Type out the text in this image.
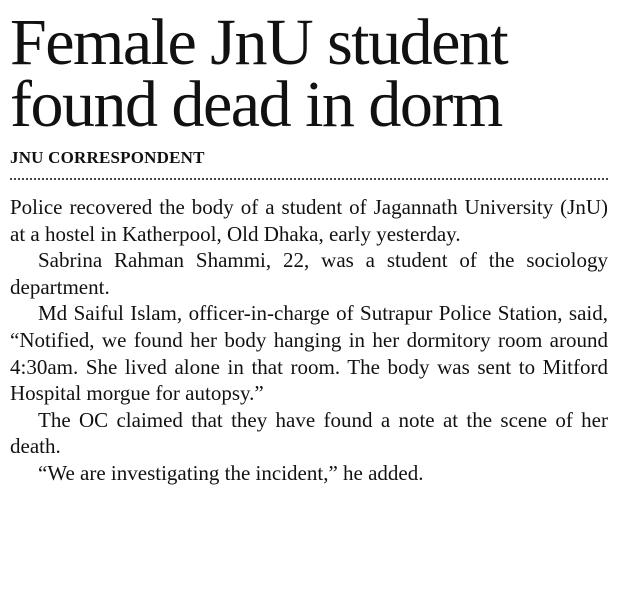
Female JnU student
found dead in dorm
JNU CORRESPONDENT

Police recovered the body of a student of Jagannath University (JnU) at a hostel in Katherpool, Old Dhaka, early yesterday.

Sabrina Rahman Shammi, 22, was a student of the sociology department.

Md Saiful Islam, officer-in-charge of Sutrapur Police Station, said, “Notified, we found her body hanging in her dormitory room around 4:30am. She lived alone in that room. The body was sent to Mitford Hospital morgue for autopsy.”

The OC claimed that they have found a note at the scene of her death.

“We are investigating the incident,” he added.
